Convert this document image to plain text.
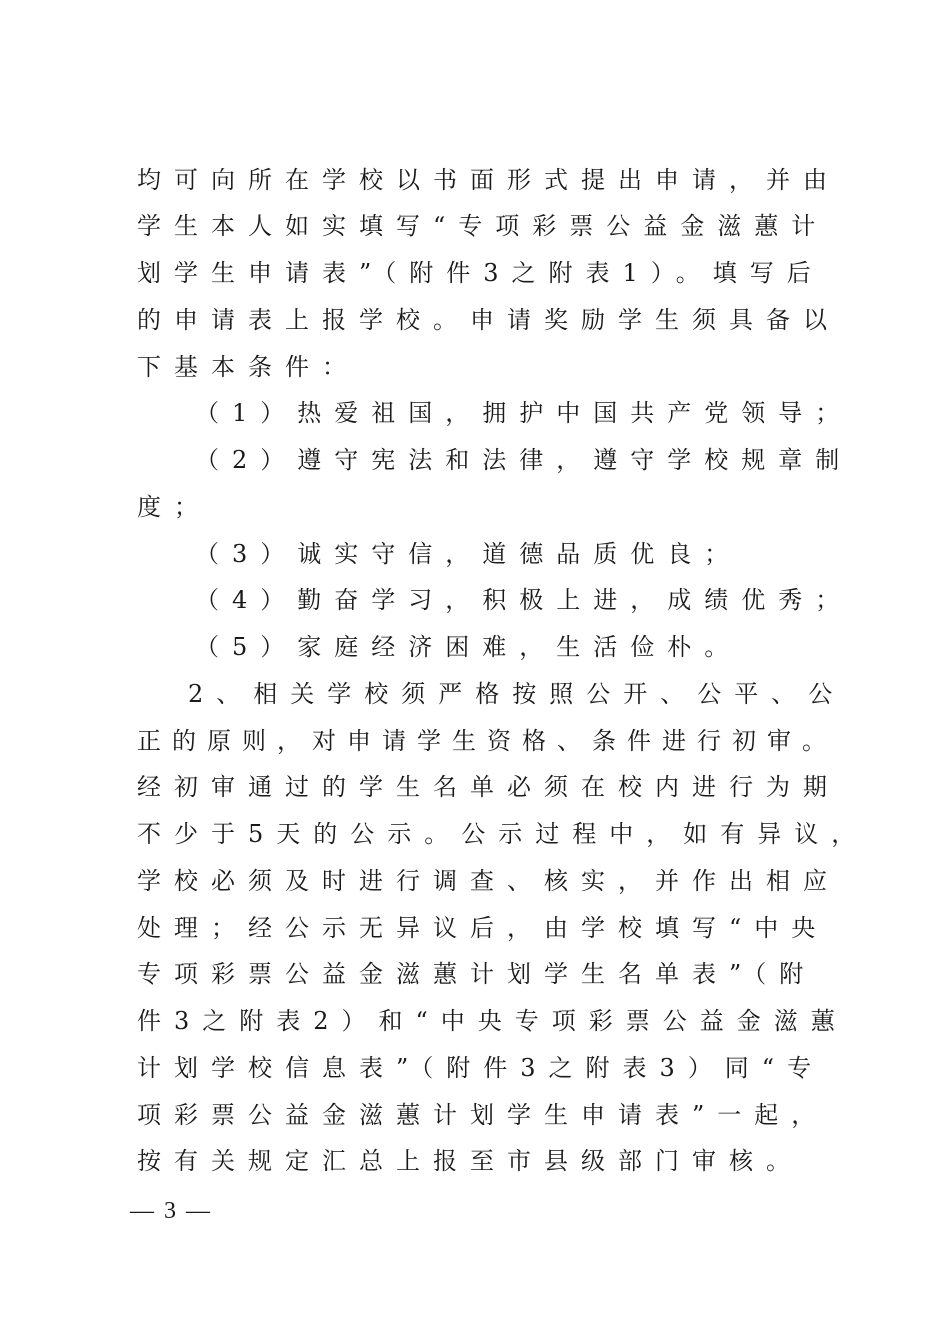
均可向所在学校以书面形式提出申请，并由
学生本人如实填写“专项彩票公益金滋蕙计
划学生申请表”（附件3之附表1）。填写后
的申请表上报学校。申请奖励学生须具备以
下基本条件：
（1）热爱祖国，拥护中国共产党领导；
（2）遵守宪法和法律，遵守学校规章制
度；
（3）诚实守信，道德品质优良；
（4）勤奋学习，积极上进，成绩优秀；
（5）家庭经济困难，生活俭朴。
2、相关学校须严格按照公开、公平、公
正的原则，对申请学生资格、条件进行初审。
经初审通过的学生名单必须在校内进行为期
不少于5天的公示。公示过程中，如有异议，
学校必须及时进行调查、核实，并作出相应
处理；经公示无异议后，由学校填写“中央
专项彩票公益金滋蕙计划学生名单表”（附
件3之附表2）和“中央专项彩票公益金滋蕙
计划学校信息表”（附件3之附表3）同“专
项彩票公益金滋蕙计划学生申请表”一起，
按有关规定汇总上报至市县级部门审核。
— 3 —
